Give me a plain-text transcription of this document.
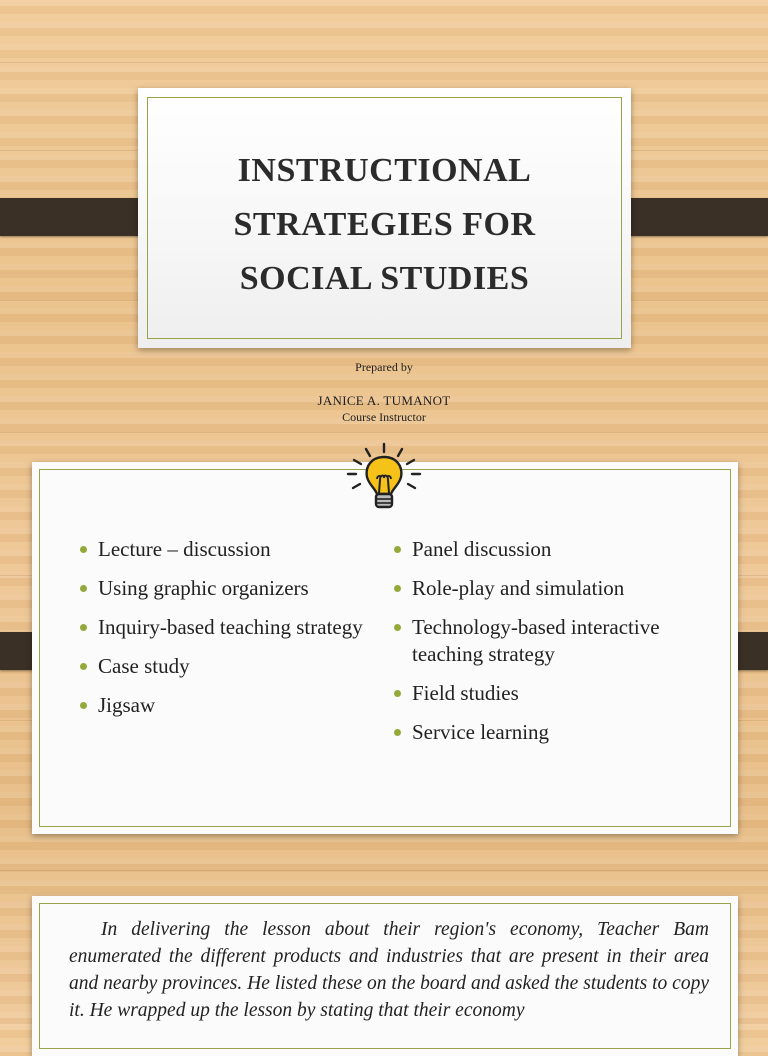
INSTRUCTIONAL
STRATEGIES FOR
SOCIAL STUDIES
Prepared by
JANICE A. TUMANOT
Course Instructor
Lecture – discussion
Using graphic organizers
Inquiry-based teaching strategy
Case study
Jigsaw
Panel discussion
Role-play and simulation
Technology-based interactive teaching strategy
Field studies
Service learning

In delivering the lesson about their region's economy, Teacher Bam enumerated the different products and industries that are present in their area and nearby provinces. He listed these on the board and asked the students to copy it. He wrapped up the lesson by stating that their economy
